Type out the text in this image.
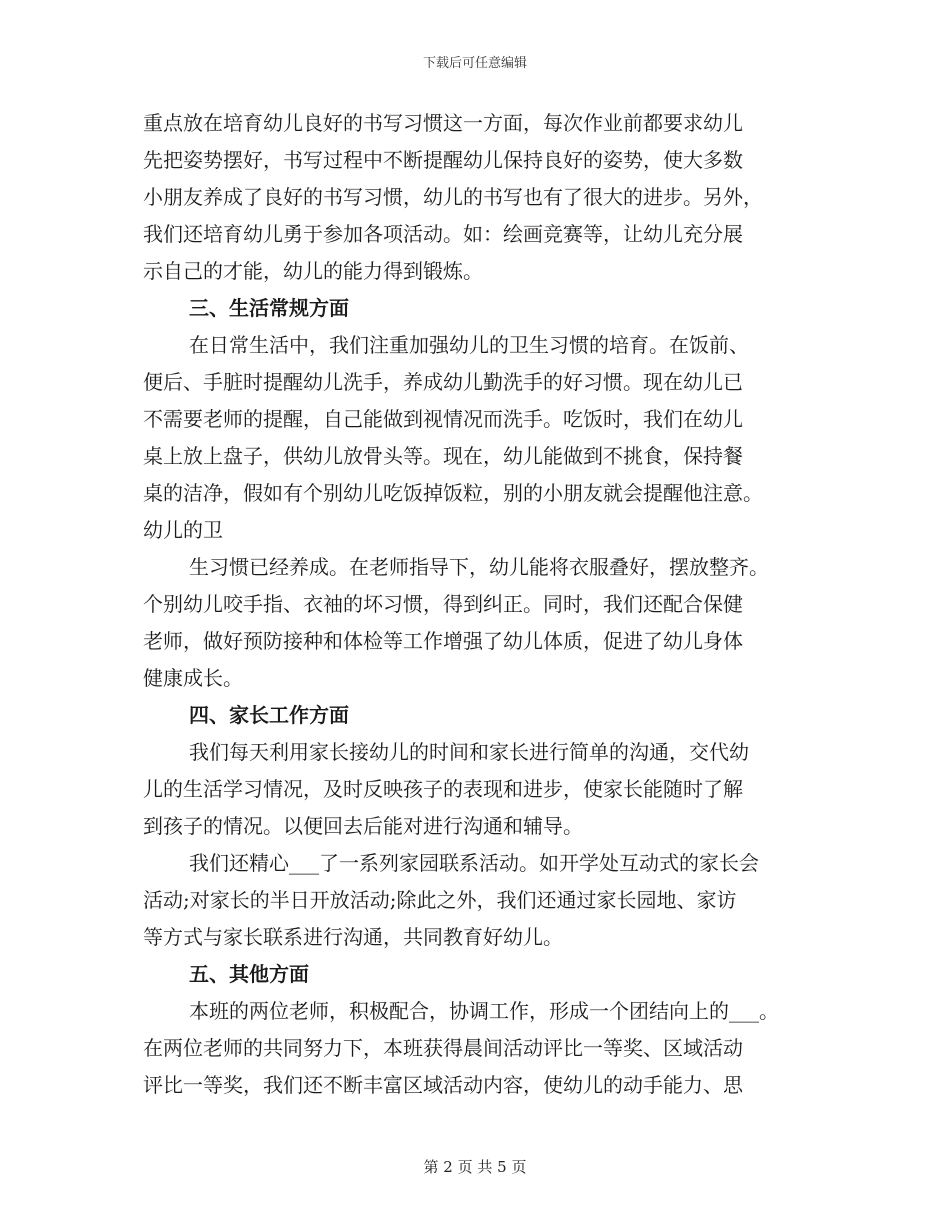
下载后可任意编辑
重点放在培育幼儿良好的书写习惯这一方面，每次作业前都要求幼儿
先把姿势摆好，书写过程中不断提醒幼儿保持良好的姿势，使大多数
小朋友养成了良好的书写习惯，幼儿的书写也有了很大的进步。另外，
我们还培育幼儿勇于参加各项活动。如：绘画竞赛等，让幼儿充分展
示自己的才能，幼儿的能力得到锻炼。
三、生活常规方面
在日常生活中，我们注重加强幼儿的卫生习惯的培育。在饭前、
便后、手脏时提醒幼儿洗手，养成幼儿勤洗手的好习惯。现在幼儿已
不需要老师的提醒，自己能做到视情况而洗手。吃饭时，我们在幼儿
桌上放上盘子，供幼儿放骨头等。现在，幼儿能做到不挑食，保持餐
桌的洁净，假如有个别幼儿吃饭掉饭粒，别的小朋友就会提醒他注意。
幼儿的卫
生习惯已经养成。在老师指导下，幼儿能将衣服叠好，摆放整齐。
个别幼儿咬手指、衣袖的坏习惯，得到纠正。同时，我们还配合保健
老师，做好预防接种和体检等工作增强了幼儿体质，促进了幼儿身体
健康成长。
四、家长工作方面
我们每天利用家长接幼儿的时间和家长进行简单的沟通，交代幼
儿的生活学习情况，及时反映孩子的表现和进步，使家长能随时了解
到孩子的情况。以便回去后能对进行沟通和辅导。
我们还精心___了一系列家园联系活动。如开学处互动式的家长会
活动;对家长的半日开放活动;除此之外，我们还通过家长园地、家访
等方式与家长联系进行沟通，共同教育好幼儿。
五、其他方面
本班的两位老师，积极配合，协调工作，形成一个团结向上的___。
在两位老师的共同努力下，本班获得晨间活动评比一等奖、区域活动
评比一等奖，我们还不断丰富区域活动内容，使幼儿的动手能力、思
第 2 页 共 5 页
